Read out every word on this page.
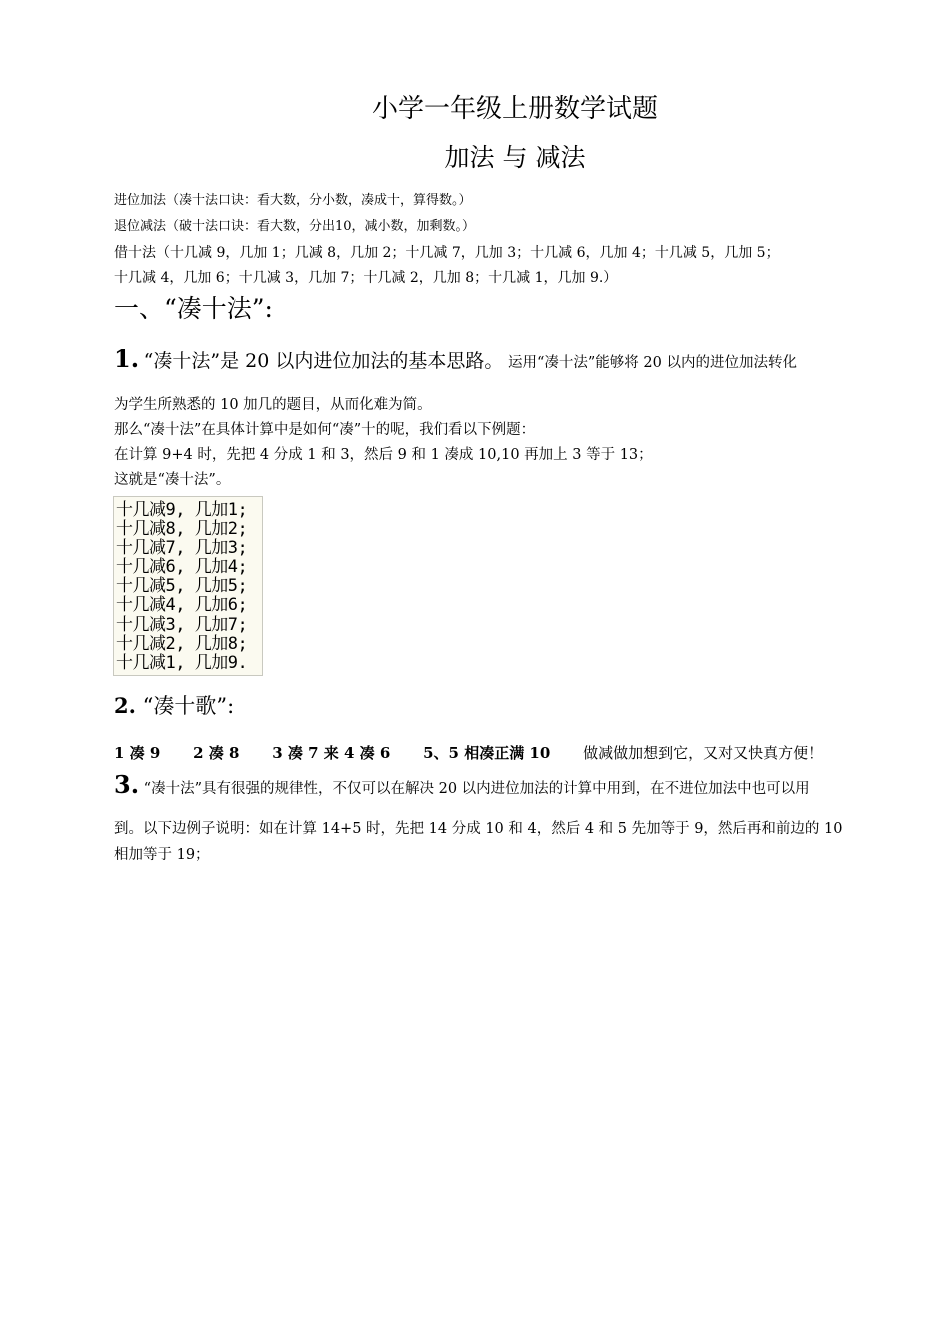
小学一年级上册数学试题
加法 与 减法
进位加法（凑十法口诀：看大数，分小数，凑成十，算得数。）
退位减法（破十法口诀：看大数，分出10，减小数，加剩数。）
借十法（十几减 9，几加 1；几减 8，几加 2；十几减 7，几加 3；十几减 6，几加 4；十几减 5，几加 5；
十几减 4，几加 6；十几减 3，几加 7；十几减 2，几加 8；十几减 1，几加 9.）
一、“凑十法”:
1. “凑十法”是 20 以内进位加法的基本思路。 运用“凑十法”能够将 20 以内的进位加法转化
为学生所熟悉的 10 加几的题目，从而化难为简。
那么“凑十法”在具体计算中是如何“凑”十的呢，我们看以下例题：
在计算 9+4 时，先把 4 分成 1 和 3，然后 9 和 1 凑成 10,10 再加上 3 等于 13；
这就是“凑十法”。
十几减9, 几加1;
十几减8, 几加2;
十几减7, 几加3;
十几减6, 几加4;
十几减5, 几加5;
十几减4, 几加6;
十几减3, 几加7;
十几减2, 几加8;
十几减1, 几加9.
2. “凑十歌”:
1 凑 9 2 凑 8 3 凑 7 来 4 凑 6 5、5 相凑正满 10 做减做加想到它，又对又快真方便！
3. “凑十法”具有很强的规律性，不仅可以在解决 20 以内进位加法的计算中用到，在不进位加法中也可以用
到。以下边例子说明：如在计算 14+5 时，先把 14 分成 10 和 4，然后 4 和 5 先加等于 9，然后再和前边的 10
相加等于 19；
